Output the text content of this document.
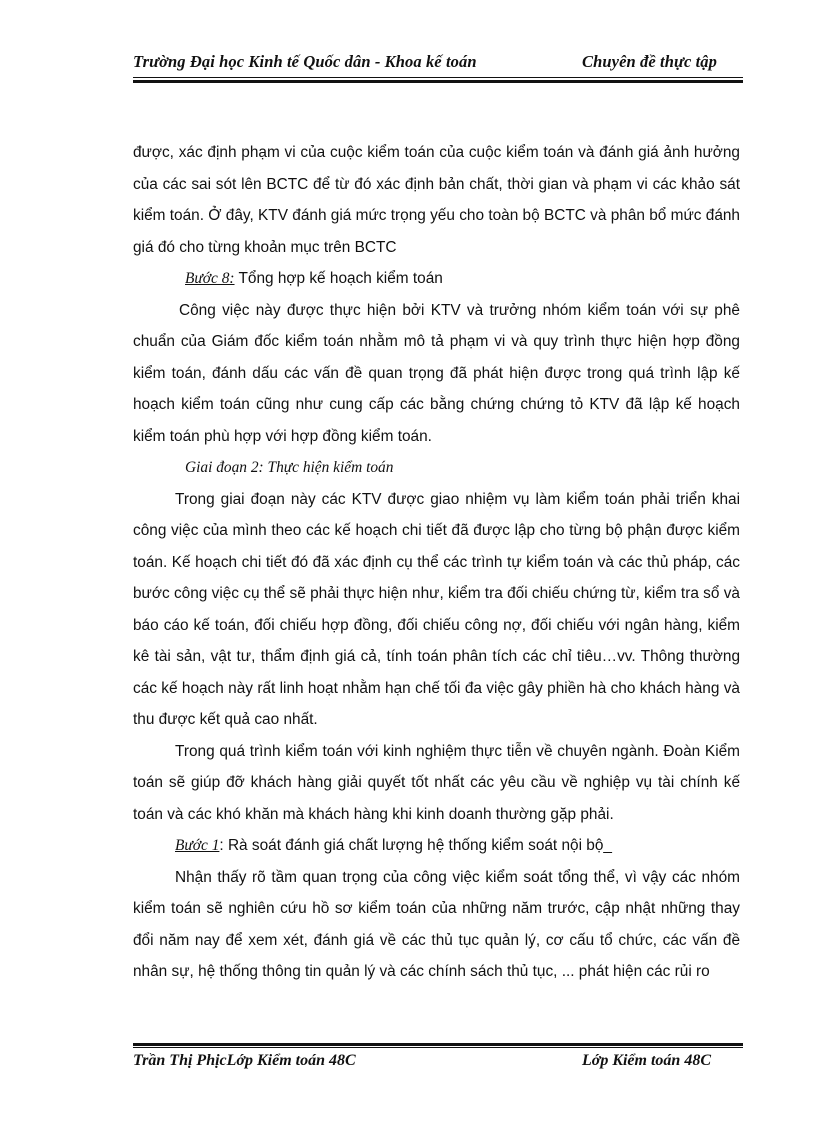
Trường Đại học Kinh tế Quốc dân - Khoa kế toán	Chuyên đề thực tập

được, xác định phạm vi của cuộc kiểm toán của cuộc kiểm toán và đánh giá ảnh hưởng của các sai sót lên BCTC để từ đó xác định bản chất, thời gian và phạm vi các khảo sát kiểm toán. Ở đây, KTV đánh giá mức trọng yếu cho toàn bộ BCTC và phân bổ mức đánh giá đó cho từng khoản mục trên BCTC

Bước 8: Tổng hợp kế hoạch kiểm toán

Công việc này được thực hiện bởi KTV và trưởng nhóm kiểm toán với sự phê chuẩn của Giám đốc kiểm toán nhằm mô tả phạm vi và quy trình thực hiện hợp đồng kiểm toán, đánh dấu các vấn đề quan trọng đã phát hiện được trong quá trình lập kế hoạch kiểm toán cũng như cung cấp các bằng chứng chứng tỏ KTV đã lập kế hoạch kiểm toán phù hợp với hợp đồng kiểm toán.

Giai đoạn 2: Thực hiện kiểm toán

Trong giai đoạn này các KTV được giao nhiệm vụ làm kiểm toán phải triển khai công việc của mình theo các kế hoạch chi tiết đã được lập cho từng bộ phận được kiểm toán. Kế hoạch chi tiết đó đã xác định cụ thể các trình tự kiểm toán và các thủ pháp, các bước công việc cụ thể sẽ phải thực hiện như, kiểm tra đối chiếu chứng từ, kiểm tra sổ và báo cáo kế toán, đối chiếu hợp đồng, đối chiếu công nợ, đối chiếu với ngân hàng, kiểm kê tài sản, vật tư, thẩm định giá cả, tính toán phân tích các chỉ tiêu…vv. Thông thường các kế hoạch này rất linh hoạt nhằm hạn chế tối đa việc gây phiền hà cho khách hàng và thu được kết quả cao nhất.

Trong quá trình kiểm toán với kinh nghiệm thực tiễn về chuyên ngành. Đoàn Kiểm toán sẽ giúp đỡ khách hàng giải quyết tốt nhất các yêu cầu về nghiệp vụ tài chính kế toán và các khó khăn mà khách hàng khi kinh doanh thường gặp phải.

Bước 1: Rà soát đánh giá chất lượng hệ thống kiểm soát nội bộ_

Nhận thấy rõ tầm quan trọng của công việc kiểm soát tổng thể, vì vậy các nhóm kiểm toán sẽ nghiên cứu hồ sơ kiểm toán của những năm trước, cập nhật những thay đổi năm nay để xem xét, đánh giá về các thủ tục quản lý, cơ cấu tổ chức, các vấn đề nhân sự, hệ thống thông tin quản lý và các chính sách thủ tục, ... phát hiện các rủi ro

Trần Thị PhịcLớp Kiểm toán 48C	Lớp Kiểm toán 48C
